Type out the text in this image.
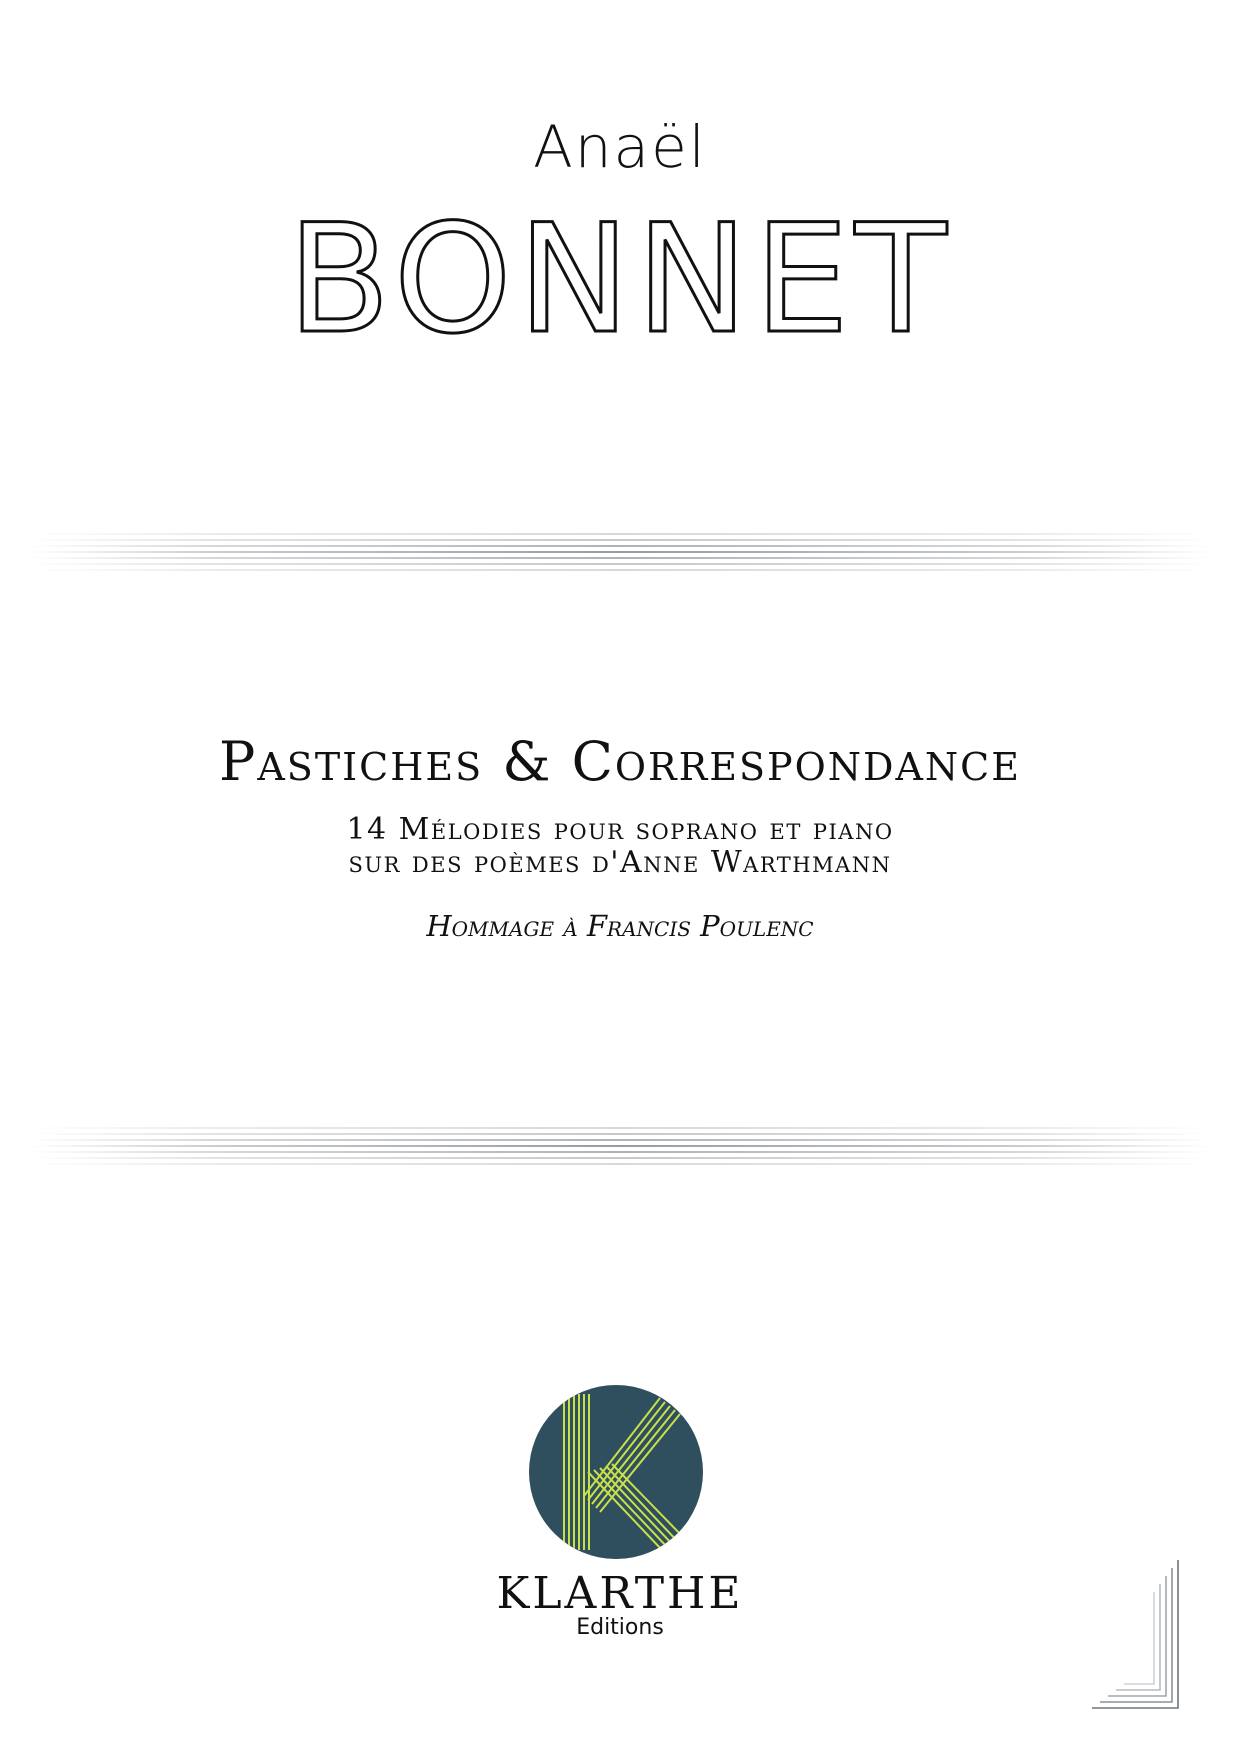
Anaël
BONNET
Pastiches & Correspondance
14 Mélodies pour soprano et piano
sur des poèmes d'Anne Warthmann
Hommage à Francis Poulenc
KLARTHE
Editions
